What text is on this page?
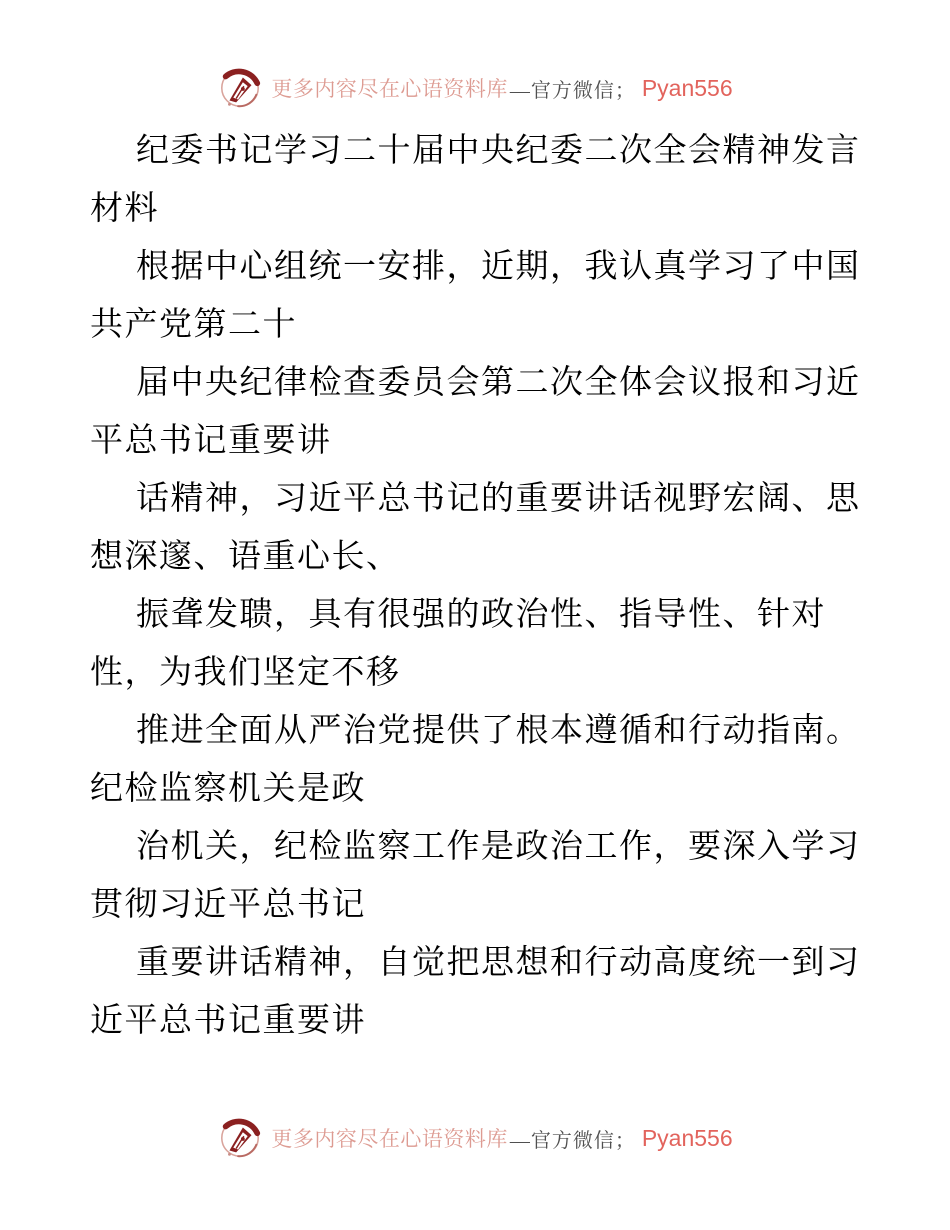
更多内容尽在心语资料库 —官方微信； Pyan556

纪委书记学习二十届中央纪委二次全会精神发言材料

根据中心组统一安排，近期，我认真学习了中国共产党第二十

届中央纪律检查委员会第二次全体会议报和习近平总书记重要讲

话精神，习近平总书记的重要讲话视野宏阔、思想深邃、语重心长、

振聋发聩，具有很强的政治性、指导性、针对性，为我们坚定不移

推进全面从严治党提供了根本遵循和行动指南。纪检监察机关是政

治机关，纪检监察工作是政治工作，要深入学习贯彻习近平总书记

重要讲话精神，自觉把思想和行动高度统一到习近平总书记重要讲

更多内容尽在心语资料库 —官方微信； Pyan556
